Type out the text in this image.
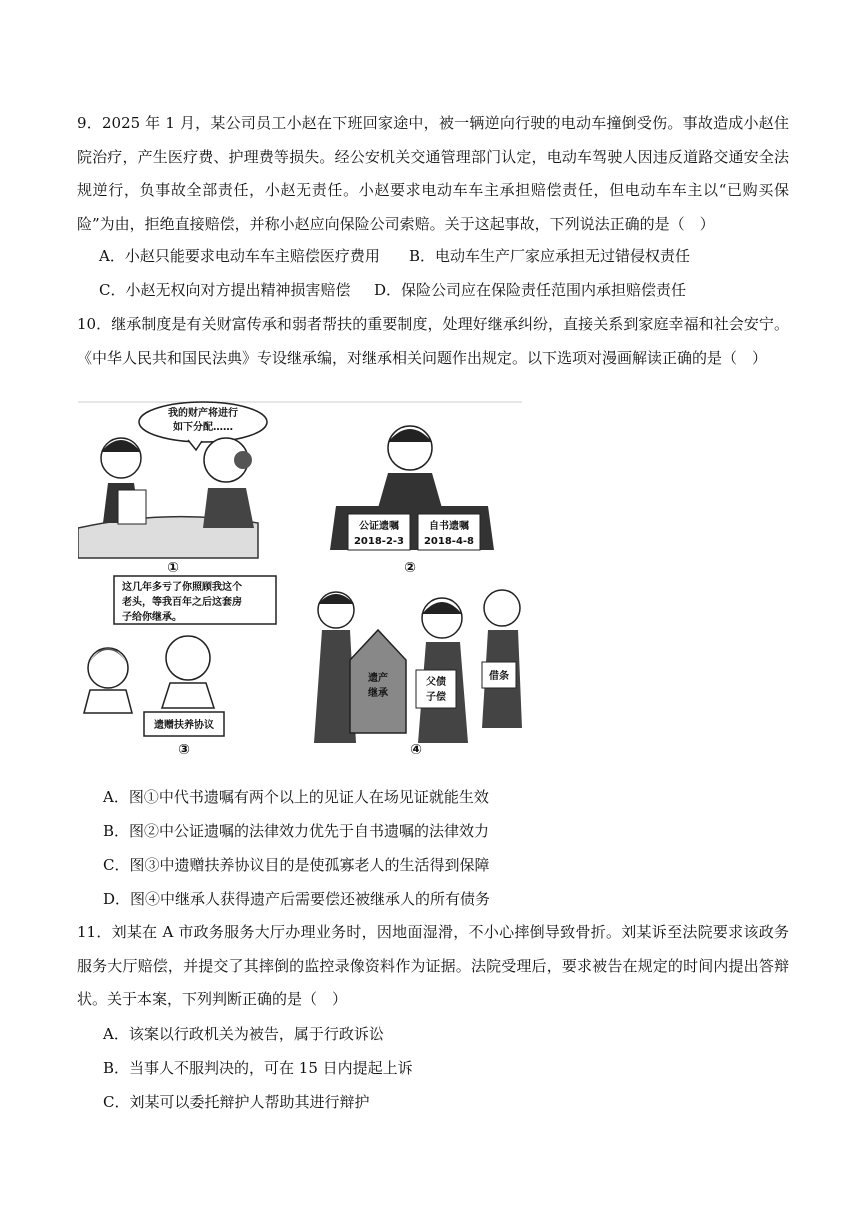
9．2025 年 1 月，某公司员工小赵在下班回家途中，被一辆逆向行驶的电动车撞倒受伤。事故造成小赵住院治疗，产生医疗费、护理费等损失。经公安机关交通管理部门认定，电动车驾驶人因违反道路交通安全法规逆行，负事故全部责任，小赵无责任。小赵要求电动车车主承担赔偿责任，但电动车车主以“已购买保险”为由，拒绝直接赔偿，并称小赵应向保险公司索赔。关于这起事故，下列说法正确的是（　）
A．小赵只能要求电动车车主赔偿医疗费用 B．电动车生产厂家应承担无过错侵权责任
C．小赵无权向对方提出精神损害赔偿 D．保险公司应在保险责任范围内承担赔偿责任
10．继承制度是有关财富传承和弱者帮扶的重要制度，处理好继承纠纷，直接关系到家庭幸福和社会安宁。《中华人民共和国民法典》专设继承编，对继承相关问题作出规定。以下选项对漫画解读正确的是（　）
我的财产将进行
如下分配……
①
公证遗嘱
2018-2-3
自书遗嘱
2018-4-8
②
这几年多亏了你照顾我这个
老头，等我百年之后这套房
子给你继承。
遗赠扶养协议
③
遗产
继承
父债
子偿
借条
④
A．图①中代书遗嘱有两个以上的见证人在场见证就能生效
B．图②中公证遗嘱的法律效力优先于自书遗嘱的法律效力
C．图③中遗赠扶养协议目的是使孤寡老人的生活得到保障
D．图④中继承人获得遗产后需要偿还被继承人的所有债务
11．刘某在 A 市政务服务大厅办理业务时，因地面湿滑，不小心摔倒导致骨折。刘某诉至法院要求该政务服务大厅赔偿，并提交了其摔倒的监控录像资料作为证据。法院受理后，要求被告在规定的时间内提出答辩状。关于本案，下列判断正确的是（　）
A．该案以行政机关为被告，属于行政诉讼
B．当事人不服判决的，可在 15 日内提起上诉
C．刘某可以委托辩护人帮助其进行辩护
